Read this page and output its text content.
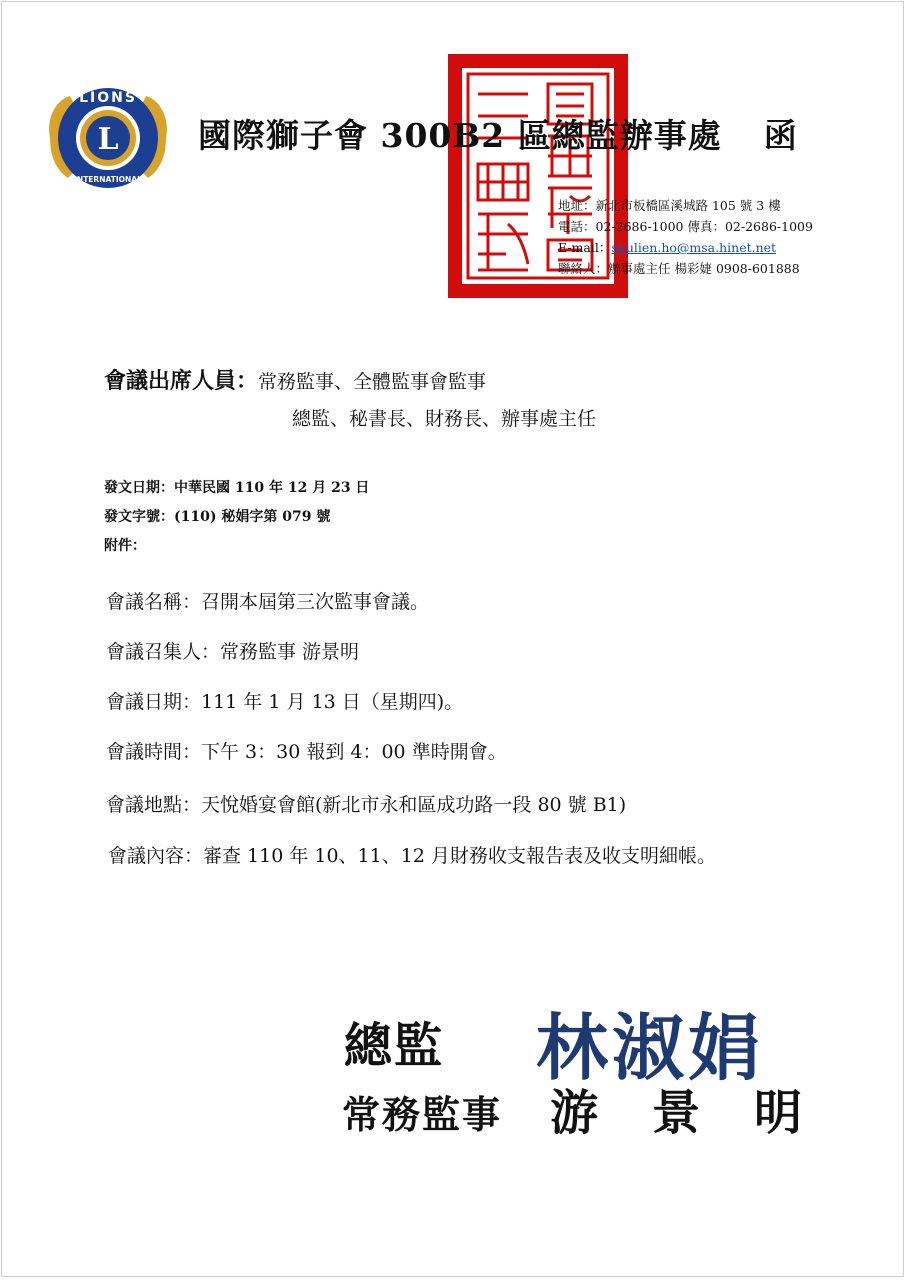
L
LIONS
INTERNATIONAL
國際獅子會 300B2 區總監辦事處 函
地址：新北市板橋區溪城路 105 號 3 樓
電話：02-2686-1000 傳真：02-2686-1009
E-mail：shulien.ho@msa.hinet.net
聯絡人：辦事處主任 楊彩婕 0908-601888
會議出席人員：常務監事、全體監事會監事
總監、秘書長、財務長、辦事處主任
發文日期：中華民國 110 年 12 月 23 日
發文字號：(110) 秘娟字第 079 號
附件：
會議名稱：召開本屆第三次監事會議。
會議召集人：常務監事 游景明
會議日期：111 年 1 月 13 日（星期四)。
會議時間：下午 3：30 報到 4：00 準時開會。
會議地點：天悅婚宴會館(新北市永和區成功路一段 80 號 B1)
會議內容：審查 110 年 10、11、12 月財務收支報告表及收支明細帳。
總監 林淑娟
常務監事 游 景 明
